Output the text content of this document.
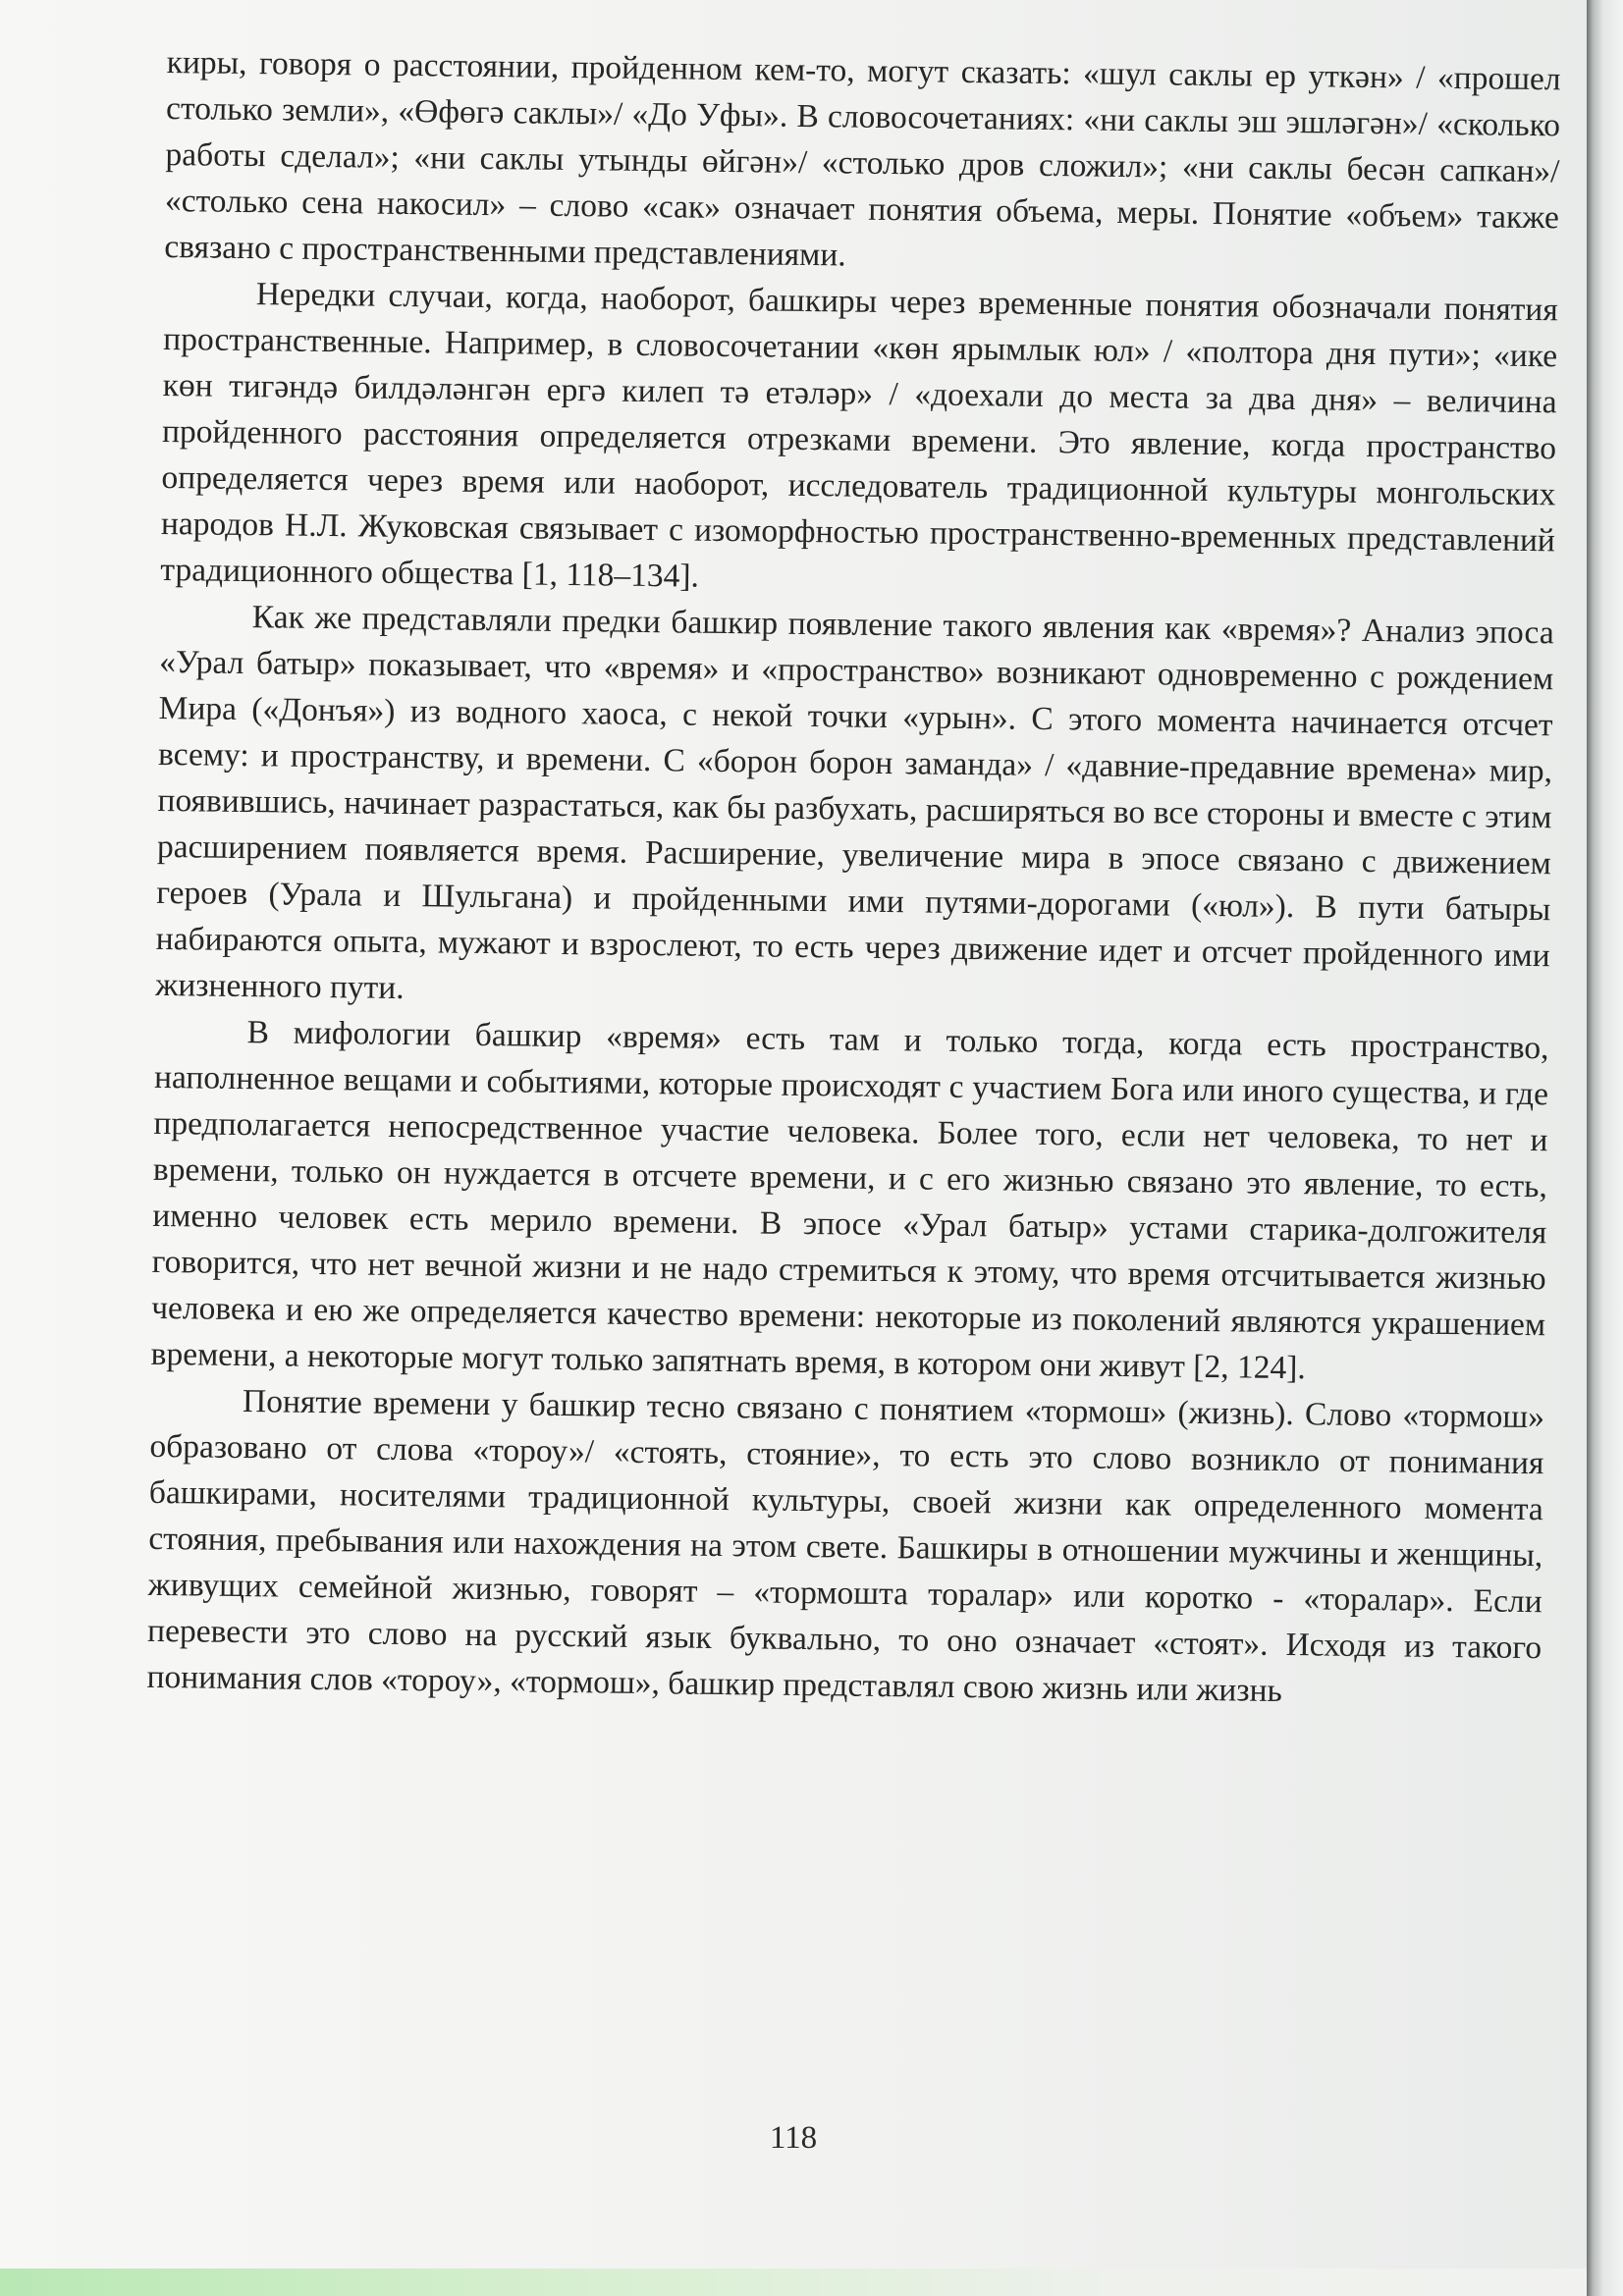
киры, говоря о расстоянии, пройденном кем-то, могут сказать: «шул саклы ер уткән» / «прошел столько земли», «Өфөгә саклы»/ «До Уфы». В словосочетаниях: «ни саклы эш эшләгән»/ «сколько работы сделал»; «ни саклы утынды өйгән»/ «столько дров сложил»; «ни саклы бесән сапкан»/ «столько сена накосил» – слово «сак» означает понятия объема, меры. Понятие «объем» также связано с пространственными представлениями.

Нередки случаи, когда, наоборот, башкиры через временные понятия обозначали понятия пространственные. Например, в словосочетании «көн ярымлык юл» / «полтора дня пути»; «ике көн тигәндә билдәләнгән ергә килеп тә етәләр» / «доехали до места за два дня» – величина пройденного расстояния определяется отрезками времени. Это явление, когда пространство определяется через время или наоборот, исследователь традиционной культуры монгольских народов Н.Л. Жуковская связывает с изоморфностью пространственно-временных представлений традиционного общества [1, 118–134].

Как же представляли предки башкир появление такого явления как «время»? Анализ эпоса «Урал батыр» показывает, что «время» и «пространство» возникают одновременно с рождением Мира («Донъя») из водного хаоса, с некой точки «урын». С этого момента начинается отсчет всему: и пространству, и времени. С «борон борон заманда» / «давние-предавние времена» мир, появившись, начинает разрастаться, как бы разбухать, расширяться во все стороны и вместе с этим расширением появляется время. Расширение, увеличение мира в эпосе связано с движением героев (Урала и Шульгана) и пройденными ими путями-дорогами («юл»). В пути батыры набираются опыта, мужают и взрослеют, то есть через движение идет и отсчет пройденного ими жизненного пути.

В мифологии башкир «время» есть там и только тогда, когда есть пространство, наполненное вещами и событиями, которые происходят с участием Бога или иного существа, и где предполагается непосредственное участие человека. Более того, если нет человека, то нет и времени, только он нуждается в отсчете времени, и с его жизнью связано это явление, то есть, именно человек есть мерило времени. В эпосе «Урал батыр» устами старика-долгожителя говорится, что нет вечной жизни и не надо стремиться к этому, что время отсчитывается жизнью человека и ею же определяется качество времени: некоторые из поколений являются украшением времени, а некоторые могут только запятнать время, в котором они живут [2, 124].

Понятие времени у башкир тесно связано с понятием «тормош» (жизнь). Слово «тормош» образовано от слова «тороу»/ «стоять, стояние», то есть это слово возникло от понимания башкирами, носителями традиционной культуры, своей жизни как определенного момента стояния, пребывания или нахождения на этом свете. Башкиры в отношении мужчины и женщины, живущих семейной жизнью, говорят – «тормошта торалар» или коротко - «торалар». Если перевести это слово на русский язык буквально, то оно означает «стоят». Исходя из такого понимания слов «тороу», «тормош», башкир представлял свою жизнь или жизнь

118
